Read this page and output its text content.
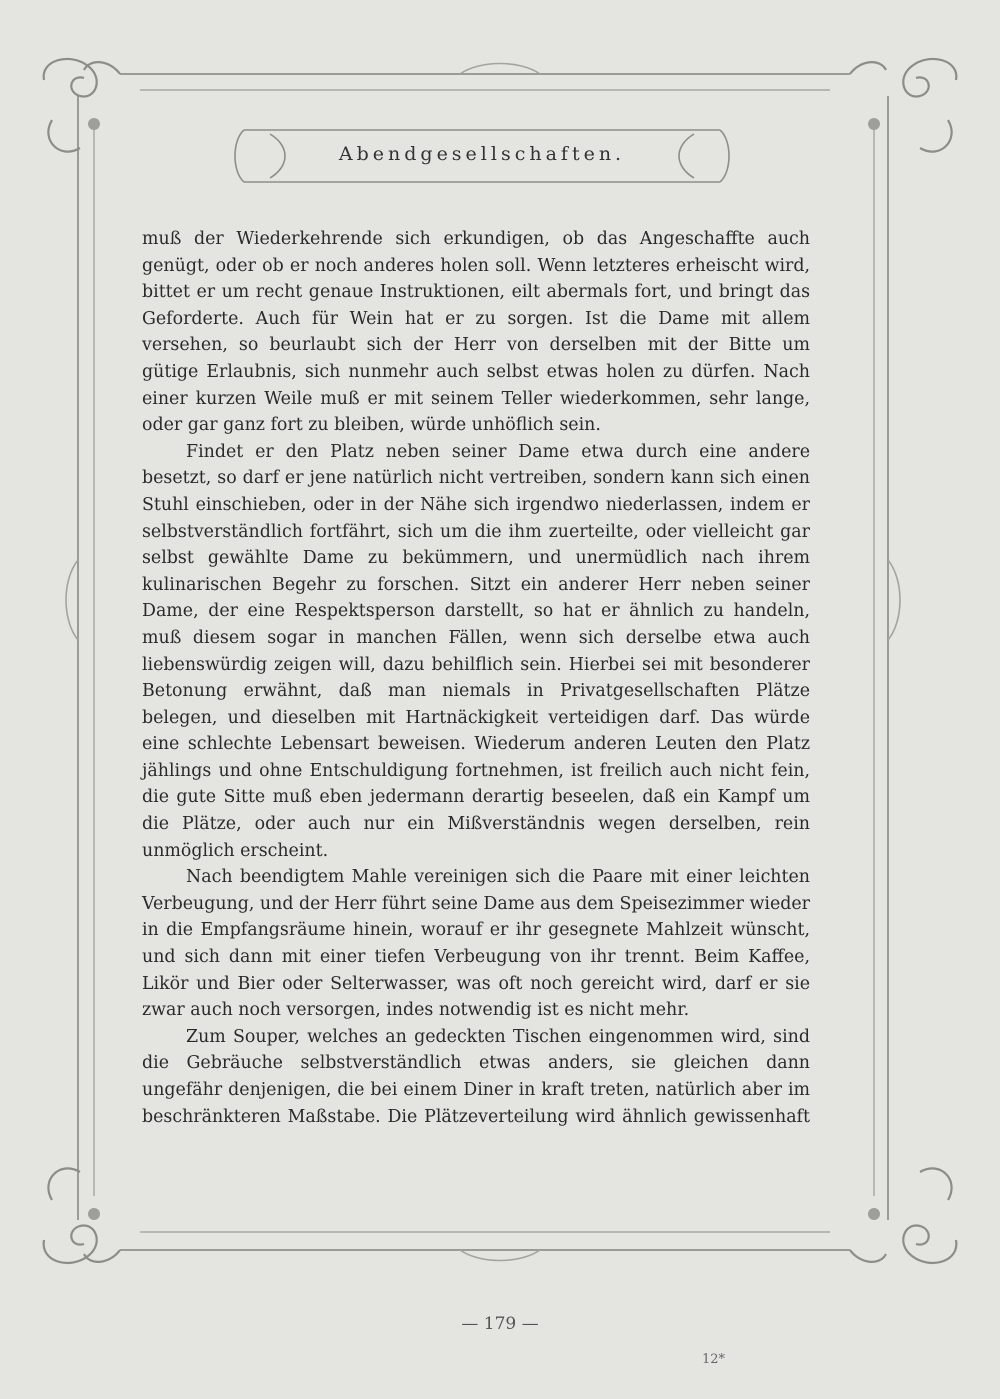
Abendgesellschaften.

muß der Wiederkehrende sich erkundigen, ob das Angeschaffte auch genügt, oder ob er noch anderes holen soll. Wenn letzteres erheischt wird, bittet er um recht genaue Instruktionen, eilt abermals fort, und bringt das Geforderte. Auch für Wein hat er zu sorgen. Ist die Dame mit allem versehen, so beurlaubt sich der Herr von derselben mit der Bitte um gütige Erlaubnis, sich nunmehr auch selbst etwas holen zu dürfen. Nach einer kurzen Weile muß er mit seinem Teller wiederkommen, sehr lange, oder gar ganz fort zu bleiben, würde unhöflich sein.

Findet er den Platz neben seiner Dame etwa durch eine andere besetzt, so darf er jene natürlich nicht vertreiben, sondern kann sich einen Stuhl einschieben, oder in der Nähe sich irgendwo niederlassen, indem er selbstverständlich fortfährt, sich um die ihm zuerteilte, oder vielleicht gar selbst gewählte Dame zu bekümmern, und unermüdlich nach ihrem kulinarischen Begehr zu forschen. Sitzt ein anderer Herr neben seiner Dame, der eine Respektsperson darstellt, so hat er ähnlich zu handeln, muß diesem sogar in manchen Fällen, wenn sich derselbe etwa auch liebenswürdig zeigen will, dazu behilflich sein. Hierbei sei mit besonderer Betonung erwähnt, daß man niemals in Privatgesellschaften Plätze belegen, und dieselben mit Hartnäckigkeit verteidigen darf. Das würde eine schlechte Lebensart beweisen. Wiederum anderen Leuten den Platz jählings und ohne Entschuldigung fortnehmen, ist freilich auch nicht fein, die gute Sitte muß eben jedermann derartig beseelen, daß ein Kampf um die Plätze, oder auch nur ein Mißverständnis wegen derselben, rein unmöglich erscheint.

Nach beendigtem Mahle vereinigen sich die Paare mit einer leichten Verbeugung, und der Herr führt seine Dame aus dem Speisezimmer wieder in die Empfangsräume hinein, worauf er ihr gesegnete Mahlzeit wünscht, und sich dann mit einer tiefen Verbeugung von ihr trennt. Beim Kaffee, Likör und Bier oder Selterwasser, was oft noch gereicht wird, darf er sie zwar auch noch versorgen, indes notwendig ist es nicht mehr.

Zum Souper, welches an gedeckten Tischen eingenommen wird, sind die Gebräuche selbstverständlich etwas anders, sie gleichen dann ungefähr denjenigen, die bei einem Diner in kraft treten, natürlich aber im beschränkteren Maßstabe. Die Plätzeverteilung wird ähnlich gewissenhaft

— 179 —
12*
